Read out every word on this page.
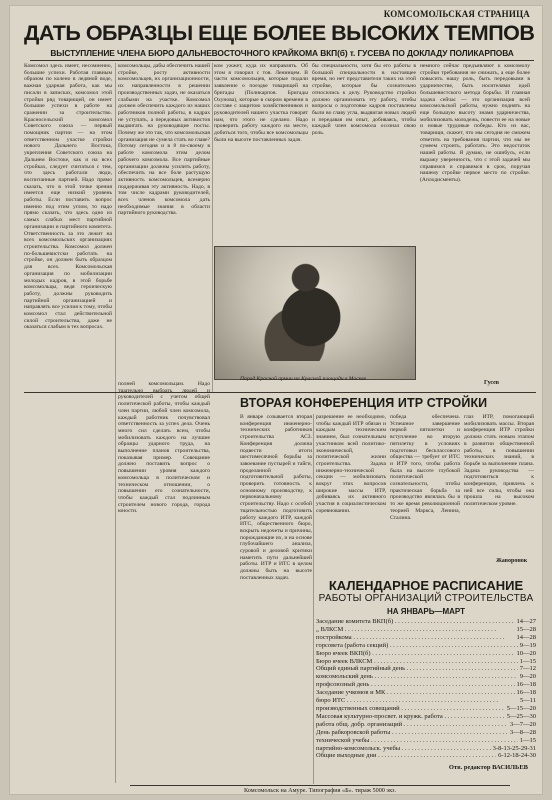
КОМСОМОЛЬСКАЯ СТРАНИЦА
ДАТЬ ОБРАЗЦЫ ЕЩЕ БОЛЕЕ ВЫСОКИХ ТЕМПОВ
ВЫСТУПЛЕНИЕ ЧЛЕНА БЮРО ДАЛЬНЕВОСТОЧНОГО КРАЙКОМА ВКП(б) т. ГУСЕВА ПО ДОКЛАДУ ПОЛИКАРПОВА
Комсомол здесь имеет, несомненно, большие успехи. Работая главным образом по колено в ледяной воде, важная ударная работа, как мы писали в записках, комсомол этой стройки ряд товарищей, он имеет большие успехи в работе на сражении за строительство. Красносельский комсомол Советского союза — первый помощник партии — на этом ответственном участке стройки нового Дальнего Востока, укрепления Советского союза на Дальнем Востоке, как и на всех стройках, следует считаться с тем, что здесь работали люди, воспитанные партией. Надо прямо сказать, что в этой точке зрения имеется еще низкий уровень работы. Если поставить вопрос именно под этим углом, то надо прямо сказать, что здесь одно из самых слабых мест партийной организации и партийного комитета. Ответственность за это лежит на всех комсомольских организациях строительства. Комсомол должен по-большевистски работать на стройке, он должен быть образцом для всех. Комсомольская организация по мобилизации молодых кадров, в этой борьбе комсомольцы, ведя героическую работу, должны руководить партийной организацией и направлять все усилия к тому, чтобы комсомол стал действительной силой строительства, даже не оказаться слабым в тех вопросах.
комсомольцы, дабы обеспечить нашей стройке, росту активности комсомольцев, их организационности, их направленности в решении производственных задач, не оказаться слабыми на участке. Комсомол должен обеспечить каждого из наших работников полной работы, в кадрах не уступать, а передовых активистов выдвигать на руководящие посты. Почему же это так, что комсомольская организация не сумела стать во главе? Потому сегодня и в 8 по-своему в работе комсомола этим делом рабочего комсомола. Все партийные организации должны усилить работу, обеспечить на все боле растущую активность комсомольцев, всемерно поддерживая эту активность. Надо, в том числе кадрами руководителей, всех членов комсомола дать необходимые знания в области партийного руководства.
ком ужжет, куда их направлять. Об этом я говорил с тов. Ленинцем. В части комсомольцев, которые подали заявление о поездке товарищей на бригады (Поликарпов. Бригады Охунова), которые в скором времени в составе с защитою хозяйственников и руководителей нашего участка говорят нам, что этого не сделано. Надо проверить работу каждого на месте, добиться того, чтобы все комсомольцы были на высоте поставленных задач.
бы специальности, хотя бы его работы в большой специальности в настоящее время, но нет представителя таких на этой стройке, которые бы сознательно относились к делу. Руководство стройки должно организовать эту работу, чтобы вопросы о подготовке кадров поставлены были во главу угла, выдвигая новых людей и передавая им опыт, добиваясь, чтобы каждый член комсомола осознал свою роль.
немного сейчас предъявляют к комсомолу стройки требования не снижать, а еще более повысить нашу роль, быть передовыми в ударничестве, быть носителями идей большевистского метода борьбы. И главная задача сейчас — это организация всей комсомольской работы, нужно поднять на еще большую высоту знамя ударничества, мобилизовать молодежь, повести ее на новые и новые трудовые победы. Кто из вас, товарищи, скажет, что мы сегодня не сможем ответить на требования партии, что мы не сумеем строить, работать. Это недостаток нашей работы. Я думаю, не ошибусь, если выражу уверенность, что с этой задачей мы справимся и справимся в срок, поручая нашему стройке первое место по стройке. (Аплодисменты).
полней комсомольцам. Надо тщательно выбрать людей и руководителей с учетом общей политической работы, чтобы каждый член партии, любой член комсомола, каждый работник почувствовал ответственность за успех дела. Очень много сил сделать всем, чтобы мобилизовать каждого на лучшие образцы ударного труда, на выполнение планов строительства, показывая пример. Совещание должно поставить вопрос о повышении уровня каждого комсомольца в политическом и техническом отношении, о повышении его сознательности, чтобы каждый стал подлинным строителем нового города, города юности.
Парад Красной армии на Красной площади в Москве
Гусев
ВТОРАЯ КОНФЕРЕНЦИЯ ИТР СТРОЙКИ
В январе созывается вторая конференция инженерно-технических работников строительства АСЗ. Конференция должна подвести итоги шестимесячной борьбы за завоевание пустырей и тайги, проделанной подготовительной работы, проверить готовность к основному производству, к первоначальному строительству. Надо с особой тщательностью подготовить работу каждого ИТР, каждой ИТС, общественного бюро, вскрыть недочеты и причины, порождающие их, и на основе глубочайшего анализа, суровой и деловой критики наметить пути дальнейшей работы. ИТР и ИТС в целом должны быть на высоте поставленных задач.
разрешение ее необходимо, чтобы каждый ИТР обязан и каждым техническим знанием, был сознательным участником всей политико-экономической, политической жизни строительства. Задача инженерно-технической секции — мобилизовать вокруг этих вопросов широкие массы ИТР, добиваясь их активного участия в социалистическом соревновании.
победа обеспечена. Успешное завершение первой пятилетки и вступление во вторую пятилетку в условиях подготовки бесклассового общества — требует от ИТС и ИТР того, чтобы работа была на высоте глубокой политической сознательности, чтобы практическая борьба за производство являлась бы в то же время революционной теорией Маркса, Ленина, Сталина.
глаз ИТР, помогающий мобилизовать массы. Вторая конференция ИТР стройки должна стать новым этапом в развитии общественной работы, в повышении технических знаний, в борьбе за выполнение плана. Задача руководства — подготовиться к конференции, привлечь к ней все силы, чтобы она прошла на высоком политическом уровне.
Жаворонок
КАЛЕНДАРНОЕ РАСПИСАНИЕ
РАБОТЫ ОРГАНИЗАЦИЙ СТРОИТЕЛЬСТВА
НА ЯНВАРЬ—МАРТ
Заседание комитета ВКП(б) . . .	14—27
„ ВЛКСМ . . .	15—28
постройкома . . .	14—28
горсовета (работа секций) . . .	9—19
Бюро ячеек ВКП(б) . . .	10—20
Бюро ячеек ВЛКСМ . . .	1—15
Общий единый партийный день . . .	7—12
комсомольский день . . .	9—20
профсоюзный день . . .	16—18
Заседание учкомов и МК . . .	16—18
бюро ИТС . . .	5—11
производственных совещаний . . .	5—15—20
Массовая культурно-просвет. и кружк. работа . . .	5—25—30
работа общ. добр. организаций . . .	3—7—20
День рабкоровской работы . . .	3—8—28
технической учебы . . .	1—15
партийно-комсомольск. учебы . . .	3-8-13-25-29-31
Общие выходные дни . . .	6-12-18-24-30
Отв. редактор ВАСИЛЬЕВ
Комсомольск на Амуре. Типография «Б». тираж 5000 экз.
